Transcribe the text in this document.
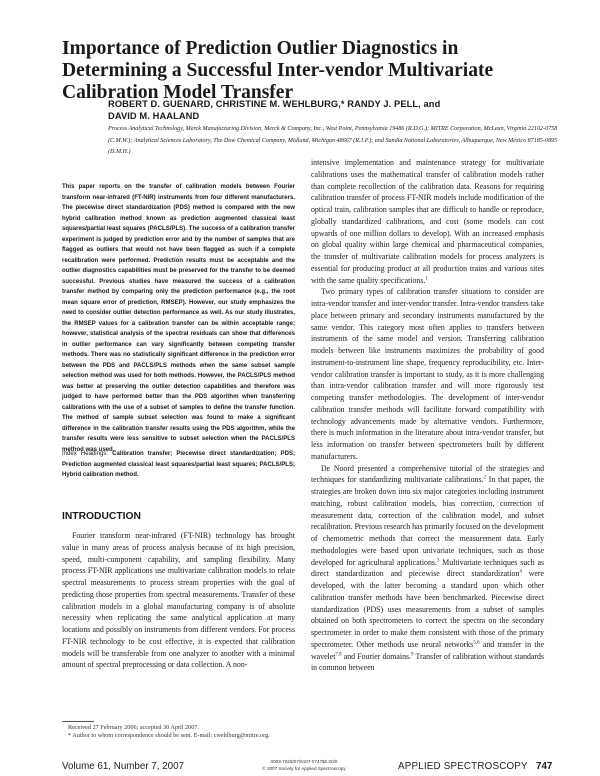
Importance of Prediction Outlier Diagnostics in Determining a Successful Inter-vendor Multivariate Calibration Model Transfer
ROBERT D. GUENARD, CHRISTINE M. WEHLBURG,* RANDY J. PELL, and
DAVID M. HAALAND
Process Analytical Technology, Merck Manufacturing Division, Merck & Company, Inc., West Point, Pennsylvania 19486 (R.D.G.); MITRE Corporation, McLean, Virginia 22102-0758 (C.M.W.); Analytical Sciences Laboratory, The Dow Chemical Company, Midland, Michigan 48667 (R.J.P.); and Sandia National Laboratories, Albuquerque, New Mexico 87185-0895 (D.M.H.)
This paper reports on the transfer of calibration models between Fourier transform near-infrared (FT-NIR) instruments from four different manufacturers. The piecewise direct standardization (PDS) method is compared with the new hybrid calibration method known as prediction augmented classical least squares/partial least squares (PACLS/PLS). The success of a calibration transfer experiment is judged by prediction error and by the number of samples that are flagged as outliers that would not have been flagged as such if a complete recalibration were performed. Prediction results must be acceptable and the outlier diagnostics capabilities must be preserved for the transfer to be deemed successful. Previous studies have measured the success of a calibration transfer method by comparing only the prediction performance (e.g., the root mean square error of prediction, RMSEP). However, our study emphasizes the need to consider outlier detection performance as well. As our study illustrates, the RMSEP values for a calibration transfer can be within acceptable range; however, statistical analysis of the spectral residuals can show that differences in outlier performance can vary significantly between competing transfer methods. There was no statistically significant difference in the prediction error between the PDS and PACLS/PLS methods when the same subset sample selection method was used for both methods. However, the PACLS/PLS method was better at preserving the outlier detection capabilities and therefore was judged to have performed better than the PDS algorithm when transferring calibrations with the use of a subset of samples to define the transfer function. The method of sample subset selection was found to make a significant difference in the calibration transfer results using the PDS algorithm, while the transfer results were less sensitive to subset selection when the PACLS/PLS method was used.
Index Headings: Calibration transfer; Piecewise direct standardization; PDS; Prediction augmented classical least squares/partial least squares; PACLS/PLS; Hybrid calibration method.
INTRODUCTION

Fourier transform near-infrared (FT-NIR) technology has brought value in many areas of process analysis because of its high precision, speed, multi-component capability, and sampling flexibility. Many process FT-NIR applications use multivariate calibration models to relate spectral measurements to process stream properties with the goal of predicting those properties from spectral measurements. Transfer of these calibration models in a global manufacturing company is of absolute necessity when replicating the same analytical application at many locations and possibly on instruments from different vendors. For process FT-NIR technology to be cost effective, it is expected that calibration models will be transferable from one analyzer to another with a minimal amount of spectral preprocessing or data collection. A non-

Received 27 February 2006; accepted 30 April 2007.
* Author to whom correspondence should be sent. E-mail: cwehlburg@mitre.org.

intensive implementation and maintenance strategy for multivariate calibrations uses the mathematical transfer of calibration models rather than complete recollection of the calibration data. Reasons for requiring calibration transfer of process FT-NIR models include modification of the optical train, calibration samples that are difficult to handle or reproduce, globally standardized calibrations, and cost (some models can cost upwards of one million dollars to develop). With an increased emphasis on global quality within large chemical and pharmaceutical companies, the transfer of multivariate calibration models for process analyzers is essential for producing product at all production trains and various sites with the same quality specifications.$^1$

Two primary types of calibration transfer situations to consider are intra-vendor transfer and inter-vendor transfer. Intra-vendor transfers take place between primary and secondary instruments manufactured by the same vendor. This category most often applies to transfers between instruments of the same model and version. Transferring calibration models between like instruments maximizes the probability of good instrument-to-instrument line shape, frequency reproducibility, etc. Inter-vendor calibration transfer is important to study, as it is more challenging than intra-vendor calibration transfer and will more rigorously test competing transfer methodologies. The development of inter-vendor calibration transfer methods will facilitate forward compatibility with technology advancements made by alternative vendors. Furthermore, there is much information in the literature about intra-vendor transfer, but less information on transfer between spectrometers built by different manufacturers.

De Noord presented a comprehensive tutorial of the strategies and techniques for standardizing multivariate calibrations.$^2$ In that paper, the strategies are broken down into six major categories including instrument matching, robust calibration models, bias correction, correction of measurement data, correction of the calibration model, and subset recalibration. Previous research has primarily focused on the development of chemometric methods that correct the measurement data. Early methodologies were based upon univariate techniques, such as those developed for agricultural applications.$^3$ Multivariate techniques such as direct standardization and piecewise direct standardization$^4$ were developed, with the latter becoming a standard upon which other calibration transfer methods have been benchmarked. Piecewise direct standardization (PDS) uses measurements from a subset of samples obtained on both spectrometers to correct the spectra on the secondary spectrometer in order to make them consistent with those of the primary spectrometer. Other methods use neural networks$^{5,6}$ and transfer in the wavelet$^{7,8}$ and Fourier domains.$^9$ Transfer of calibration without standards in common between

Volume 61, Number 7, 2007	0003-7028/07/6107-0747$2.00/0
© 2007 Society for Applied Spectroscopy	APPLIED SPECTROSCOPY 747
